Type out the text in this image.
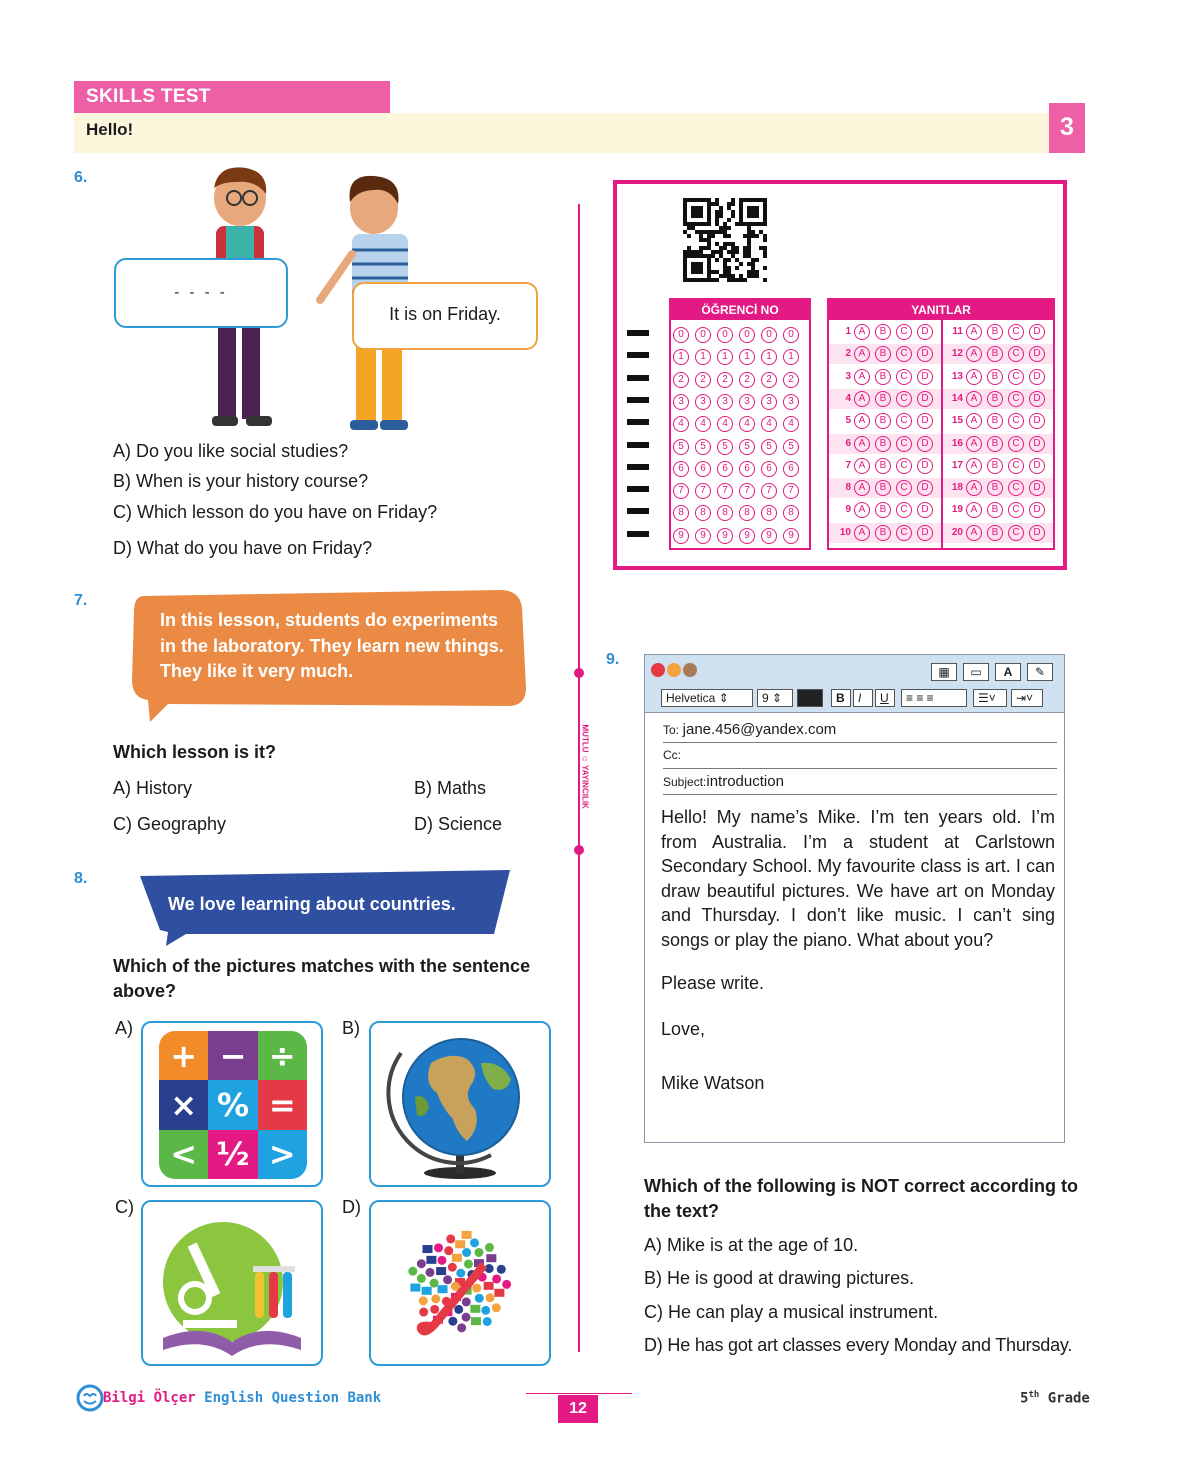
SKILLS TEST
Hello!	3
6.
- - - -
It is on Friday.
A) Do you like social studies?
B) When is your history course?
C) Which lesson do you have on Friday?
D) What do you have on Friday?
7.
In this lesson, students do experiments in the laboratory. They learn new things. They like it very much.
Which lesson is it?
A) History	B) Maths
C) Geography	D) Science
8.
We love learning about countries.
Which of the pictures matches with the sentence above?
A)	B)
C)	D)
+ − ÷
× % =
< ½ >
MUTLU ☺ YAYINCILIK
ÖĞRENCİ NO
0 0 0 0 0 0
1 1 1 1 1 1
2 2 2 2 2 2
3 3 3 3 3 3
4 4 4 4 4 4
5 5 5 5 5 5
6 6 6 6 6 6
7 7 7 7 7 7
8 8 8 8 8 8
9 9 9 9 9 9
YANITLAR
1 A B C D	11 A B C D
2 A B C D	12 A B C D
3 A B C D	13 A B C D
4 A B C D	14 A B C D
5 A B C D	15 A B C D
6 A B C D	16 A B C D
7 A B C D	17 A B C D
8 A B C D	18 A B C D
9 A B C D	19 A B C D
10 A B C D	20 A B C D
9.
▦	▭	A	✎
Helvetica ⇕	9 ⇕	B	I	U	≡ ≡ ≡	☰˅	⇥˅
To: jane.456@yandex.com
Cc:
Subject:introduction
Hello! My name’s Mike. I’m ten years old. I’m from Australia. I’m a student at Carlstown Secondary School. My favourite class is art. I can draw beautiful pictures. We have art on Monday and Thursday. I don’t like music. I can’t sing songs or play the piano. What about you?
Please write.
Love,
Mike Watson
Which of the following is NOT correct according to the text?
A) Mike is at the age of 10.
B) He is good at drawing pictures.
C) He can play a musical instrument.
D) He has got art classes every Monday and Thursday.
Bilgi Ölçer English Question Bank
12
5th Grade
